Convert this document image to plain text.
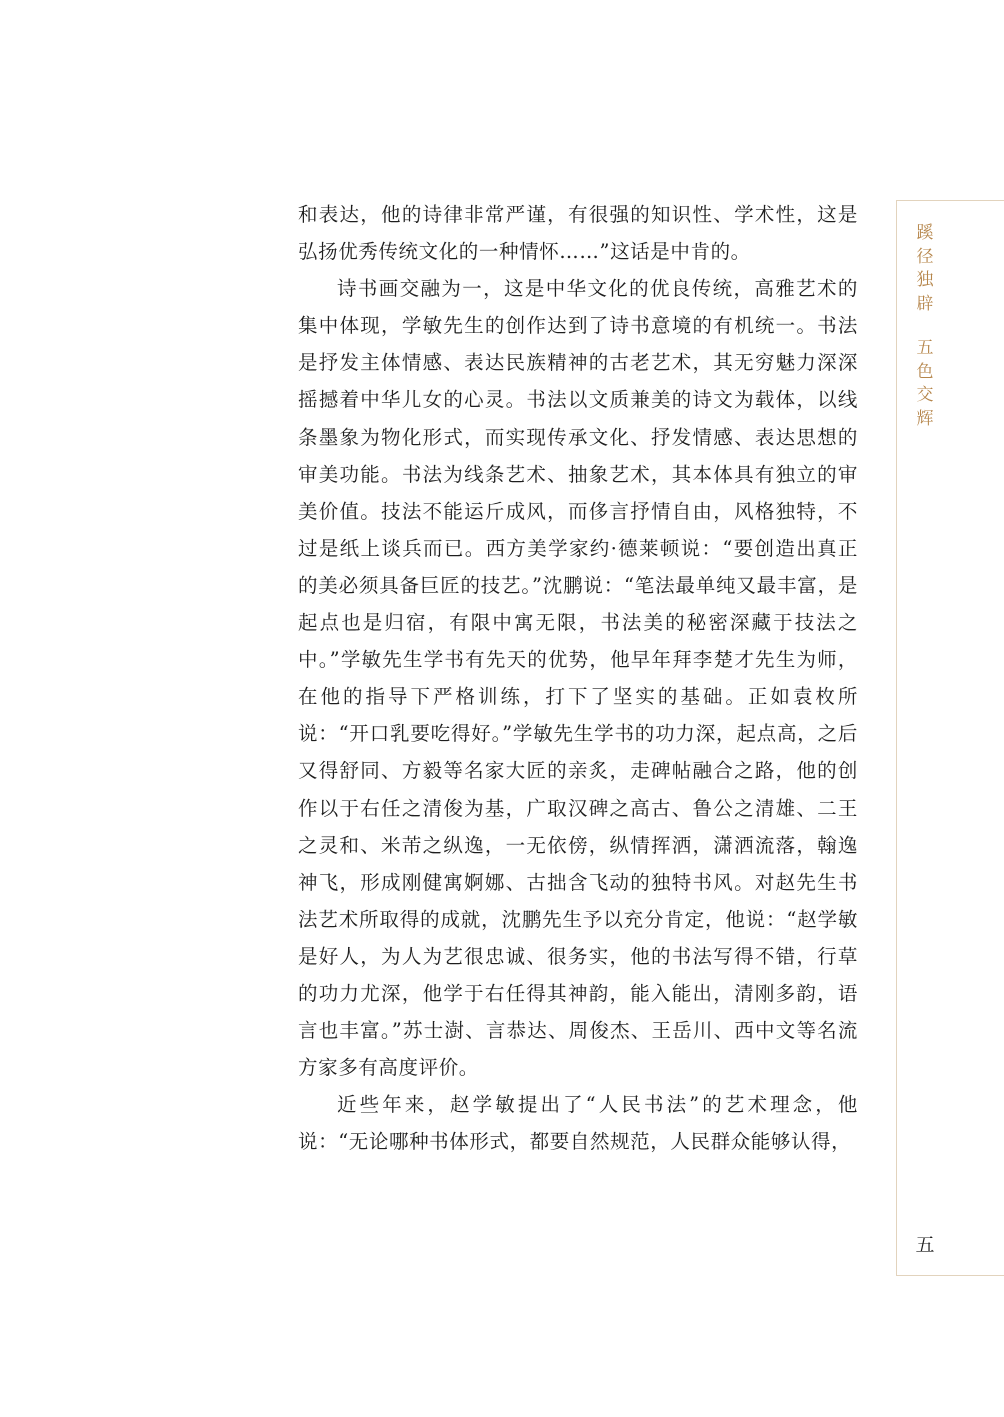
蹊径独辟
五色交辉

和表达，他的诗律非常严谨，有很强的知识性、学术性，这是弘扬优秀传统文化的一种情怀……”这话是中肯的。

诗书画交融为一，这是中华文化的优良传统，高雅艺术的集中体现，学敏先生的创作达到了诗书意境的有机统一。书法是抒发主体情感、表达民族精神的古老艺术，其无穷魅力深深摇撼着中华儿女的心灵。书法以文质兼美的诗文为载体，以线条墨象为物化形式，而实现传承文化、抒发情感、表达思想的审美功能。书法为线条艺术、抽象艺术，其本体具有独立的审美价值。技法不能运斤成风，而侈言抒情自由，风格独特，不过是纸上谈兵而已。西方美学家约·德莱顿说：“要创造出真正的美必须具备巨匠的技艺。”沈鹏说：“笔法最单纯又最丰富，是起点也是归宿，有限中寓无限，书法美的秘密深藏于技法之中。”学敏先生学书有先天的优势，他早年拜李楚才先生为师，在他的指导下严格训练，打下了坚实的基础。正如袁枚所说：“开口乳要吃得好。”学敏先生学书的功力深，起点高，之后又得舒同、方毅等名家大匠的亲炙，走碑帖融合之路，他的创作以于右任之清俊为基，广取汉碑之高古、鲁公之清雄、二王之灵和、米芾之纵逸，一无依傍，纵情挥洒，潇洒流落，翰逸神飞，形成刚健寓婀娜、古拙含飞动的独特书风。对赵先生书法艺术所取得的成就，沈鹏先生予以充分肯定，他说：“赵学敏是好人，为人为艺很忠诚、很务实，他的书法写得不错，行草的功力尤深，他学于右任得其神韵，能入能出，清刚多韵，语言也丰富。”苏士澍、言恭达、周俊杰、王岳川、西中文等名流方家多有高度评价。

近些年来，赵学敏提出了“人民书法”的艺术理念，他说：“无论哪种书体形式，都要自然规范，人民群众能够认得，

五
